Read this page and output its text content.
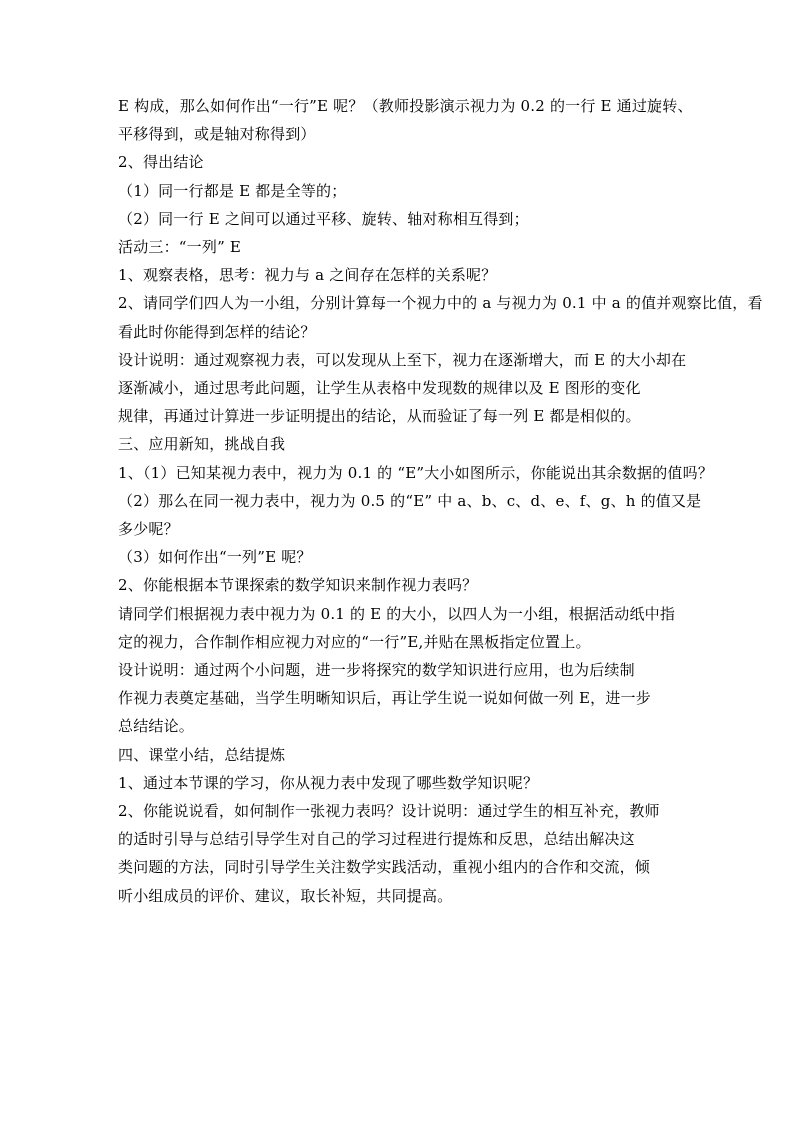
E 构成，那么如何作出“一行”E 呢？（教师投影演示视力为 0.2 的一行 E 通过旋转、
平移得到，或是轴对称得到）
2、得出结论
（1）同一行都是 E 都是全等的；
（2）同一行 E 之间可以通过平移、旋转、轴对称相互得到；
活动三：“一列” E
1、观察表格，思考：视力与 a 之间存在怎样的关系呢？
2、请同学们四人为一小组，分别计算每一个视力中的 a 与视力为 0.1 中 a 的值并观察比值，看
看此时你能得到怎样的结论？
设计说明：通过观察视力表，可以发现从上至下，视力在逐渐增大，而 E 的大小却在
逐渐减小，通过思考此问题，让学生从表格中发现数的规律以及 E 图形的变化
规律，再通过计算进一步证明提出的结论，从而验证了每一列 E 都是相似的。
三、应用新知，挑战自我
1、（1）已知某视力表中，视力为 0.1 的 “E”大小如图所示，你能说出其余数据的值吗？
（2）那么在同一视力表中，视力为 0.5 的“E” 中 a、b、c、d、e、f、g、h 的值又是
多少呢？
（3）如何作出“一列”E 呢？
2、你能根据本节课探索的数学知识来制作视力表吗？
请同学们根据视力表中视力为 0.1 的 E 的大小，以四人为一小组，根据活动纸中指
定的视力，合作制作相应视力对应的“一行”E,并贴在黑板指定位置上。
设计说明：通过两个小问题，进一步将探究的数学知识进行应用，也为后续制
作视力表奠定基础，当学生明晰知识后，再让学生说一说如何做一列 E，进一步
总结结论。
四、课堂小结，总结提炼
1、通过本节课的学习，你从视力表中发现了哪些数学知识呢？
2、你能说说看，如何制作一张视力表吗？设计说明：通过学生的相互补充，教师
的适时引导与总结引导学生对自己的学习过程进行提炼和反思，总结出解决这
类问题的方法，同时引导学生关注数学实践活动，重视小组内的合作和交流，倾
听小组成员的评价、建议，取长补短，共同提高。
